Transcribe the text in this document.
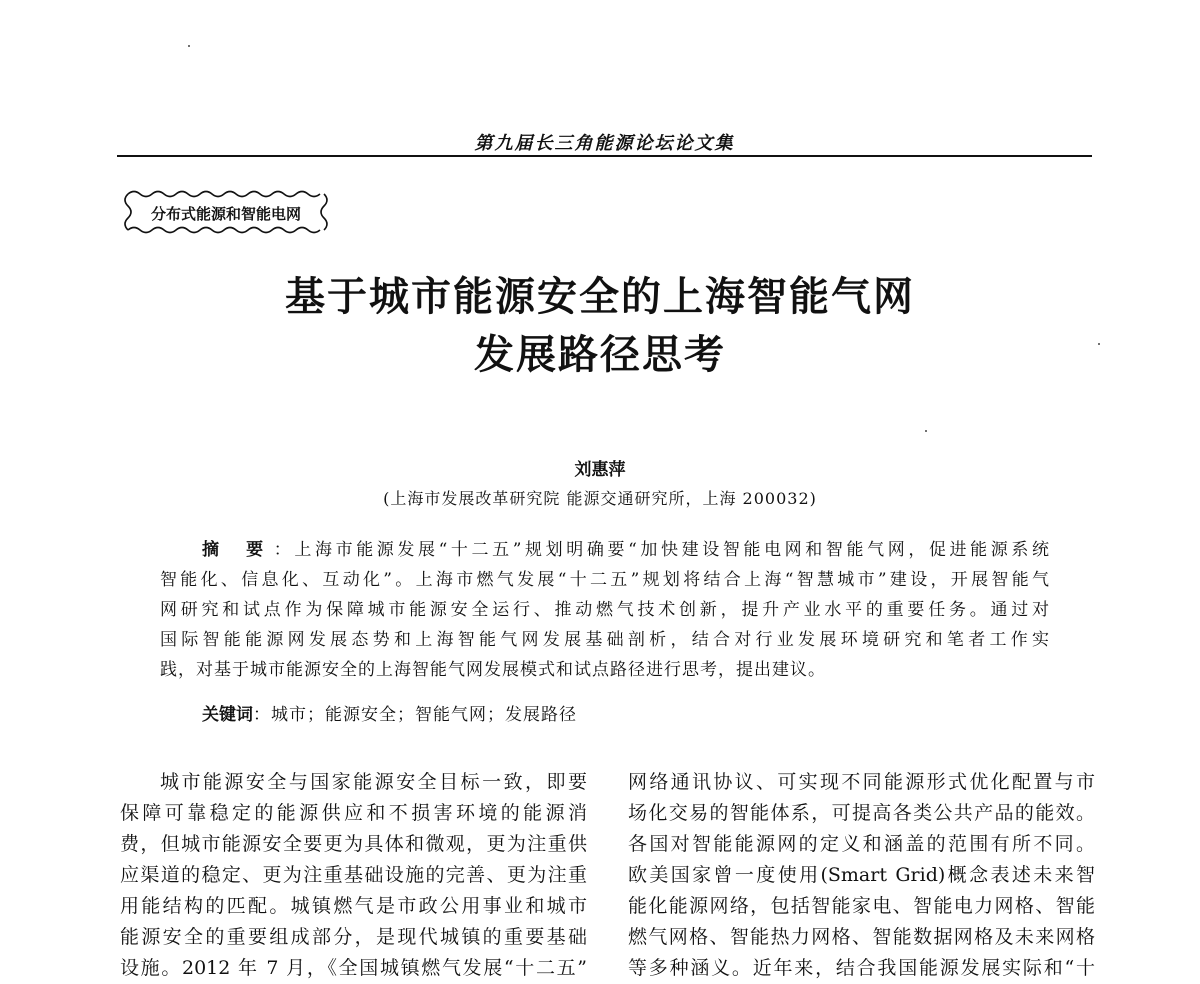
第九届长三角能源论坛论文集
分布式能源和智能电网
基于城市能源安全的上海智能气网
发展路径思考
刘惠萍
(上海市发展改革研究院 能源交通研究所，上海 200032)
摘 要：上海市能源发展“十二五”规划明确要“加快建设智能电网和智能气网，促进能源系统
智能化、信息化、互动化”。上海市燃气发展“十二五”规划将结合上海“智慧城市”建设，开展智能气
网研究和试点作为保障城市能源安全运行、推动燃气技术创新，提升产业水平的重要任务。通过对
国际智能能源网发展态势和上海智能气网发展基础剖析，结合对行业发展环境研究和笔者工作实
践，对基于城市能源安全的上海智能气网发展模式和试点路径进行思考，提出建议。
关键词：城市；能源安全；智能气网；发展路径
城市能源安全与国家能源安全目标一致，即要
保障可靠稳定的能源供应和不损害环境的能源消
费，但城市能源安全要更为具体和微观，更为注重供
应渠道的稳定、更为注重基础设施的完善、更为注重
用能结构的匹配。城镇燃气是市政公用事业和城市
能源安全的重要组成部分，是现代城镇的重要基础
设施。2012 年 7 月，《全国城镇燃气发展“十二五”
网络通讯协议、可实现不同能源形式优化配置与市
场化交易的智能体系，可提高各类公共产品的能效。
各国对智能能源网的定义和涵盖的范围有所不同。
欧美国家曾一度使用(Smart Grid)概念表述未来智
能化能源网络，包括智能家电、智能电力网格、智能
燃气网格、智能热力网格、智能数据网格及未来网格
等多种涵义。近年来，结合我国能源发展实际和“十
